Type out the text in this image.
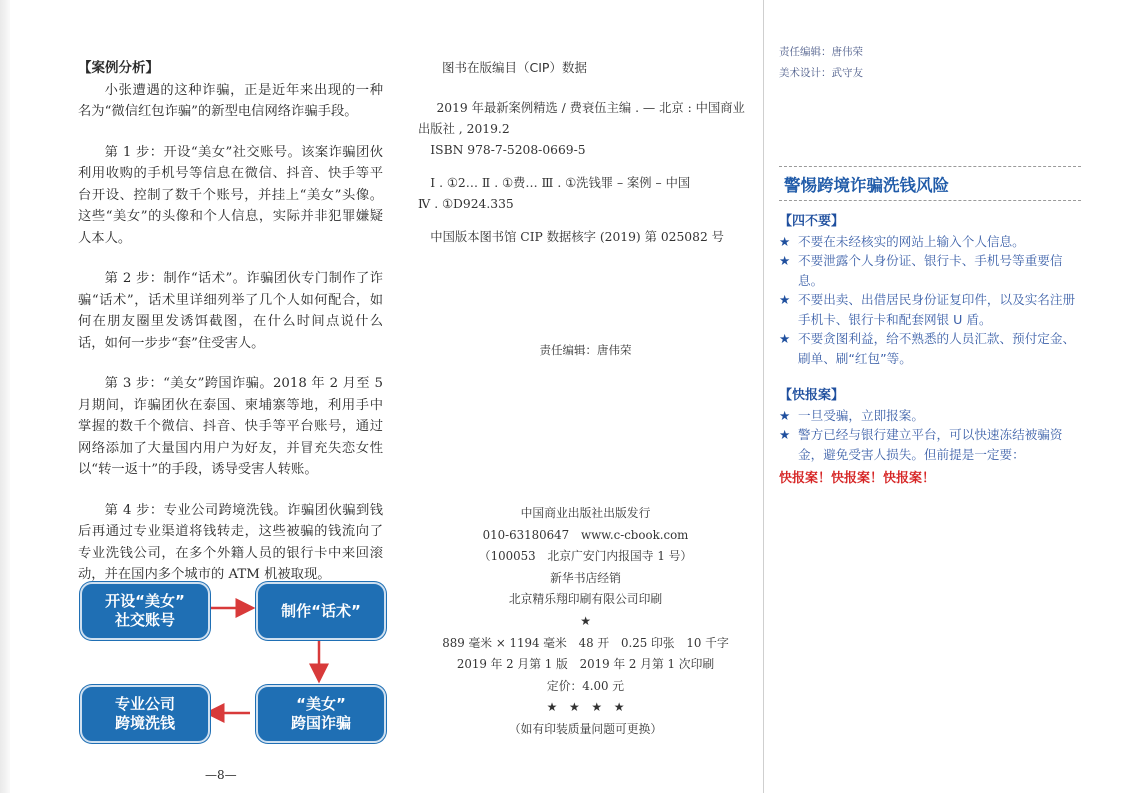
【案例分析】

小张遭遇的这种诈骗，正是近年来出现的一种名为“微信红包诈骗”的新型电信网络诈骗手段。

第 1 步：开设“美女”社交账号。该案诈骗团伙利用收购的手机号等信息在微信、抖音、快手等平台开设、控制了数千个账号，并挂上“美女”头像。这些“美女”的头像和个人信息，实际并非犯罪嫌疑人本人。

第 2 步：制作“话术”。诈骗团伙专门制作了诈骗“话术”，话术里详细列举了几个人如何配合，如何在朋友圈里发诱饵截图，在什么时间点说什么话，如何一步步“套”住受害人。

第 3 步：“美女”跨国诈骗。2018 年 2 月至 5 月期间，诈骗团伙在泰国、柬埔寨等地，利用手中掌握的数千个微信、抖音、快手等平台账号，通过网络添加了大量国内用户为好友，并冒充失恋女性以“转一返十”的手段，诱导受害人转账。

第 4 步：专业公司跨境洗钱。诈骗团伙骗到钱后再通过专业渠道将钱转走，这些被骗的钱流向了专业洗钱公司，在多个外籍人员的银行卡中来回滚动，并在国内多个城市的 ATM 机被取现。

开设“美女”
社交账号
制作“话术”
“美女”
跨国诈骗
专业公司
跨境洗钱
—8—

图书在版编目（CIP）数据

2019 年最新案例精选 / 费衰伍主编 . — 北京 : 中国商业

出版社 , 2019.2

ISBN 978-7-5208-0669-5

Ⅰ . ①2… Ⅱ . ①费… Ⅲ . ①洗钱罪 – 案例 – 中国

Ⅳ . ①D924.335

中国版本图书馆 CIP 数据核字 (2019) 第 025082 号

责任编辑：唐伟荣

中国商业出版社出版发行

010-63180647　www.c-cbook.com

（100053　北京广安门内报国寺 1 号）

新华书店经销

北京精乐翔印刷有限公司印刷

★

889 毫米 × 1194 毫米　48 开　0.25 印张　10 千字

2019 年 2 月第 1 版　2019 年 2 月第 1 次印刷

定价：4.00 元

★　★　★　★

（如有印装质量问题可更换）

责任编辑：唐伟荣

美术设计：武守友

警惕跨境诈骗洗钱风险

【四不要】

★ 不要在未经核实的网站上输入个人信息。

★ 不要泄露个人身份证、银行卡、手机号等重要信息。

★ 不要出卖、出借居民身份证复印件，以及实名注册手机卡、银行卡和配套网银 U 盾。

★ 不要贪图利益，给不熟悉的人员汇款、预付定金、刷单、刷“红包”等。

【快报案】

★ 一旦受骗，立即报案。

★ 警方已经与银行建立平台，可以快速冻结被骗资金，避免受害人损失。但前提是一定要：

快报案！快报案！快报案！
